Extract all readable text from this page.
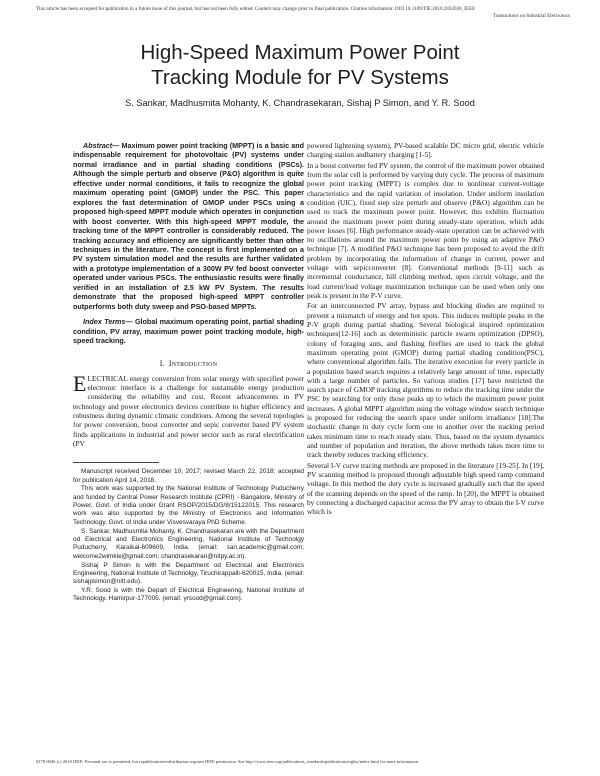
This article has been accepted for publication in a future issue of this journal, but has not been fully edited. Content may change prior to final publication. Citation information: DOI 10.1109/TIE.2018.2833036, IEEE
Transactions on Industrial Electronics
High-Speed Maximum Power Point
Tracking Module for PV Systems
S. Sankar, Madhusmita Mohanty, K. Chandrasekaran, Sishaj P Simon, and Y. R. Sood

Abstract— Maximum power point tracking (MPPT) is a basic and indispensable requirement for photovoltaic (PV) systems under normal irradiance and in partial shading conditions (PSCs). Although the simple perturb and observe (P&O) algorithm is quite effective under normal conditions, it fails to recognize the global maximum operating point (GMOP) under the PSC. This paper explores the fast determination of GMOP under PSCs using a proposed high-speed MPPT module which operates in conjunction with boost converter. With this high-speed MPPT module, the tracking time of the MPPT controller is considerably reduced. The tracking accuracy and efficiency are significantly better than other techniques in the literature. The concept is first implemented on a PV system simulation model and the results are further validated with a prototype implementation of a 300W PV fed boost converter operated under various PSCs. The enthusiastic results were finally verified in an installation of 2.5 kW PV System. The results demonstrate that the proposed high-speed MPPT controller outperforms both duty sweep and PSO-based MPPTs.

Index Terms— Global maximum operating point, partial shading condition, PV array, maximum power point tracking module, high-speed tracking.

I. Introduction

ELECTRICAL energy conversion from solar energy with specified power electronic interface is a challenge for sustainable energy production considering the reliability and cost. Recent advancements in PV technology and power electronics devices contribute to higher efficiency and robustness during dynamic climatic conditions. Among the several topologies for power conversion, boost converter and sepic converter based PV system finds applications in industrial and power sector such as rural electrification (PV

Manuscript received December 10, 2017; revised March 22, 2018; accepted for publication April 14, 2018.

This work was supported by the National Institute of Technology Puducherry and funded by Central Power Research Institute (CPRI) - Bangalore, Ministry of Power, Govt. of India under Grant RSOP/2015/DG/8/15122015. This research work was also supported by the Ministry of Electronics and Information Technology, Govt. of India under Visvesvaraya PhD Scheme.

S. Sankar, Madhusmita Mohanty, K. Chandrasekaran are with the Department od Electrical and Electronics Engineering, National Institute of Technolgy Puducherry, Karaikal-609609, India. (email: san.academic@gmail.com; welcome2wimkle@gmail.com; chandrasekaran@nitpy.ac.in).

Sishaj P Simon is with the Department od Electrical and Electronics Engineering, National Institute of Technolgy, Tiruchirappalli-620015, India. (email: sishajpsimon@nitt.edu).

Y.R. Sood is with the Depart of Electrical Engineering, National Institute of Technology. Hamirpur-177005. (email: yrsood@gmail.com).

powered lightening system), PV-based scalable DC micro grid, electric vehicle charging station andbattery charging [1-5].

In a boost converter fed PV system, the control of the maximum power obtained from the solar cell is performed by varying duty cycle. The process of maximum power point tracking (MPPT) is complex due to nonlinear current-voltage characteristics and the rapid variation of insolation. Under uniform insolation condition (UIC), fixed step size perturb and observe (P&O) algorithm can be used to track the maximum power point. However, this exhibits fluctuation around the maximum power point during steady-state operation, which adds power losses [6]. High performance steady-state operation can be achieved with no oscillations around the maximum power point by using an adaptive P&O technique [7]. A modified P&O technique has been proposed to avoid the drift problem by incorporating the information of change in current, power and voltage with sepicconverter [8]. Conventional methods [9-11] such as incremental conductance, hill climbing method, open circuit voltage, and the load current/load voltage maximization technique can be used when only one peak is present in the P-V curve.

For an interconnected PV array, bypass and blocking diodes are required to prevent a mismatch of energy and hot spots. This induces multiple peaks in the P-V graph during partial shading. Several biological inspired optimization techniques[12-16] such as deterministic particle swarm optimization (DPSO), colony of foraging ants, and flashing fireflies are used to track the global maximum operating point (GMOP) during partial shading condition(PSC), where conventional algorithm fails. The iterative execution for every particle in a population based search requires a relatively large amount of time, especially with a large number of particles. So various studies [17] have restricted the search space of GMOP tracking algorithms to reduce the tracking time under the PSC by searching for only those peaks up to which the maximum power point increases. A global MPPT algorithm using the voltage window search technique is proposed for reducing the search space under uniform irradiance [18].The stochastic change in duty cycle form one to another over the tracking period takes minimum time to reach steady state. Thus, based on the system dynamics and number of population and iteration, the above methods takes more time to track thereby reduces tracking efficiency.

Several I-V curve tracing methods are proposed in the literature [19-25]. In [19], PV scanning method is proposed through adjustable high speed ramp command voltage. In this method the duty cycle is increased gradually such that the speed of the scanning depends on the speed of the ramp. In [20], the MPPT is obtained by connecting a discharged capacitor across the PV array to obtain the I-V curve which is

0278-0046 (c) 2018 IEEE. Personal use is permitted, but republication/redistribution requires IEEE permission. See http://www.ieee.org/publications_standards/publications/rights/index.html for more information.
